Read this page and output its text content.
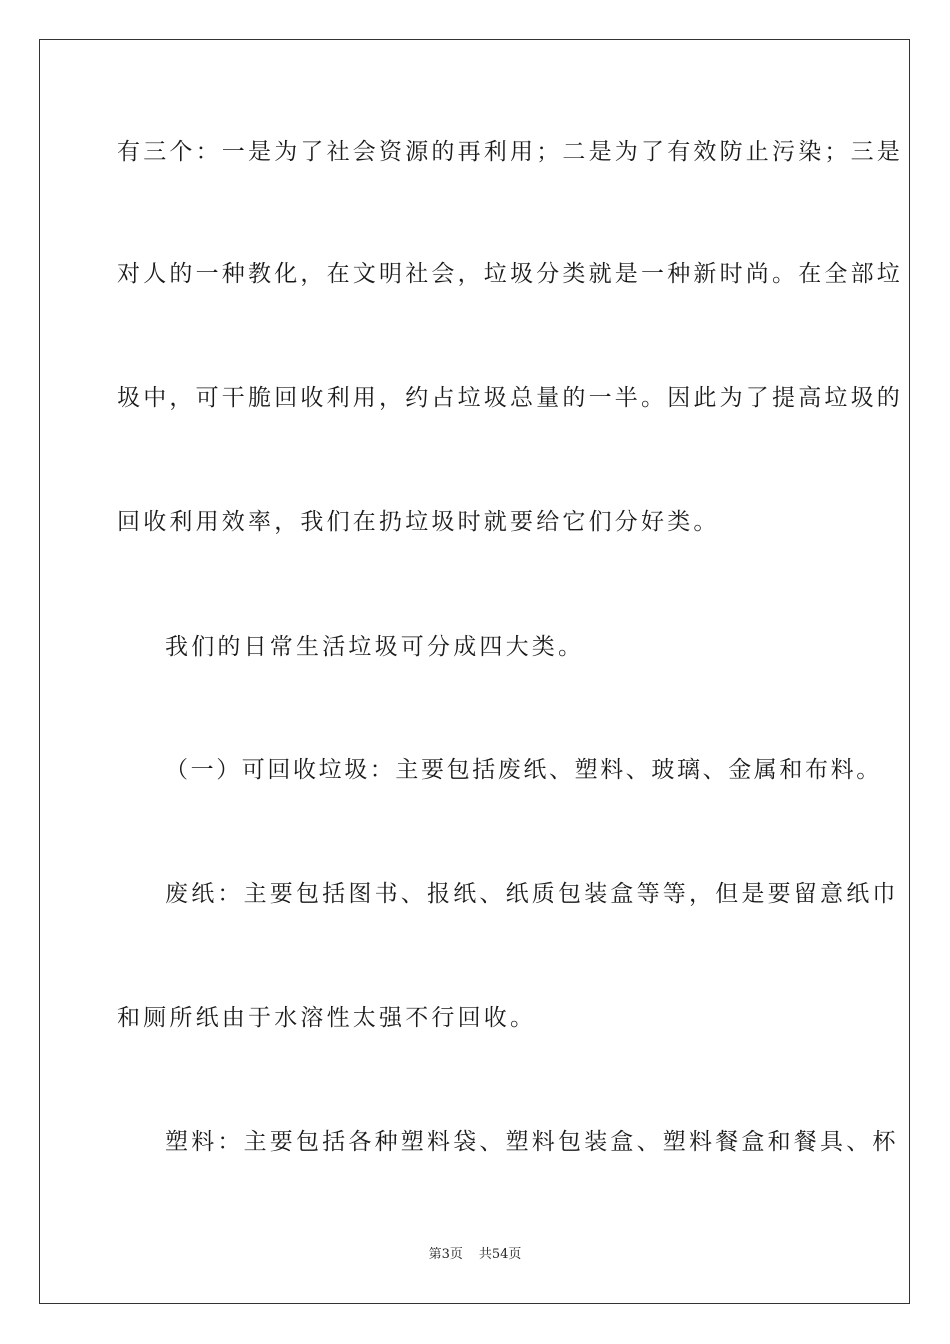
有三个：一是为了社会资源的再利用；二是为了有效防止污染；三是
对人的一种教化，在文明社会，垃圾分类就是一种新时尚。在全部垃
圾中，可干脆回收利用，约占垃圾总量的一半。因此为了提高垃圾的
回收利用效率，我们在扔垃圾时就要给它们分好类。
我们的日常生活垃圾可分成四大类。
（一）可回收垃圾：主要包括废纸、塑料、玻璃、金属和布料。
废纸：主要包括图书、报纸、纸质包装盒等等，但是要留意纸巾
和厕所纸由于水溶性太强不行回收。
塑料：主要包括各种塑料袋、塑料包装盒、塑料餐盒和餐具、杯
第3页 共54页
